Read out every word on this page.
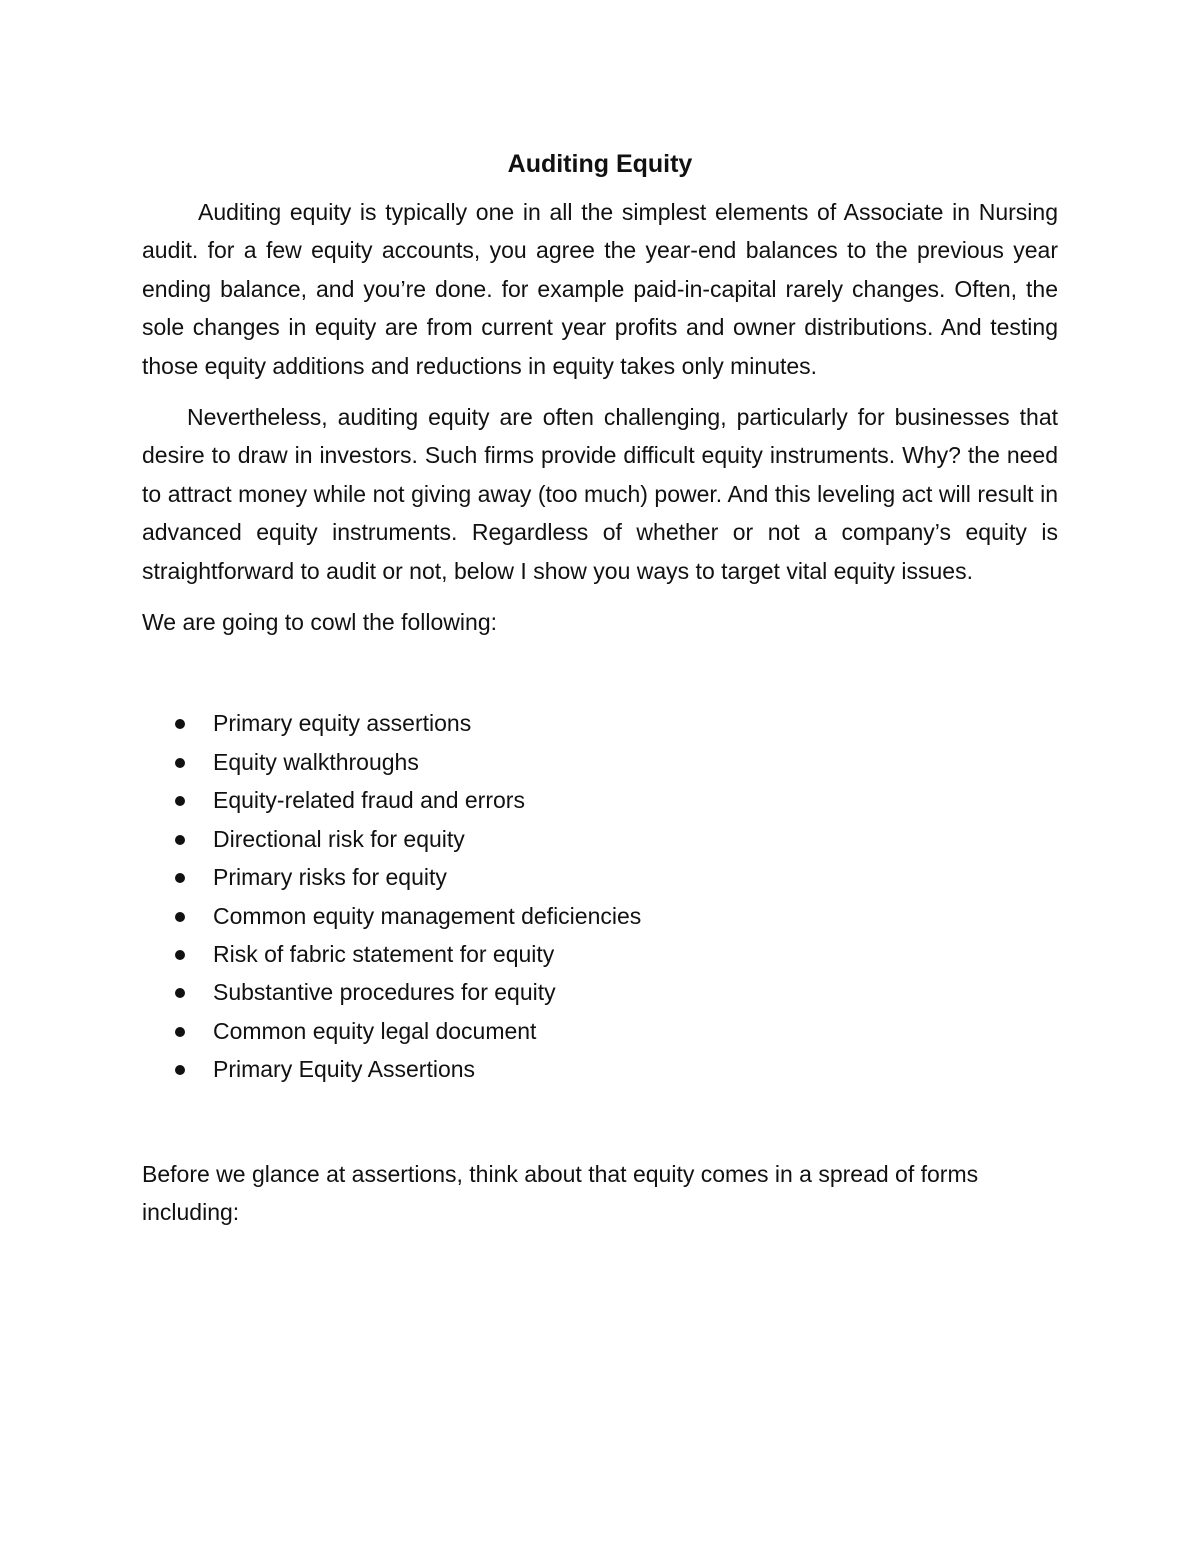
Auditing Equity

Auditing equity is typically one in all the simplest elements of Associate in Nursing audit. for a few equity accounts, you agree the year-end balances to the previous year ending balance, and you’re done. for example paid-in-capital rarely changes. Often, the sole changes in equity are from current year profits and owner distributions. And testing those equity additions and reductions in equity takes only minutes.

Nevertheless, auditing equity are often challenging, particularly for businesses that desire to draw in investors. Such firms provide difficult equity instruments. Why? the need to attract money while not giving away (too much) power. And this leveling act will result in advanced equity instruments. Regardless of whether or not a company’s equity is straightforward to audit or not, below I show you ways to target vital equity issues.

We are going to cowl the following:

Primary equity assertions
Equity walkthroughs
Equity-related fraud and errors
Directional risk for equity
Primary risks for equity
Common equity management deficiencies
Risk of fabric statement for equity
Substantive procedures for equity
Common equity legal document
Primary Equity Assertions

Before we glance at assertions, think about that equity comes in a spread of forms including:
